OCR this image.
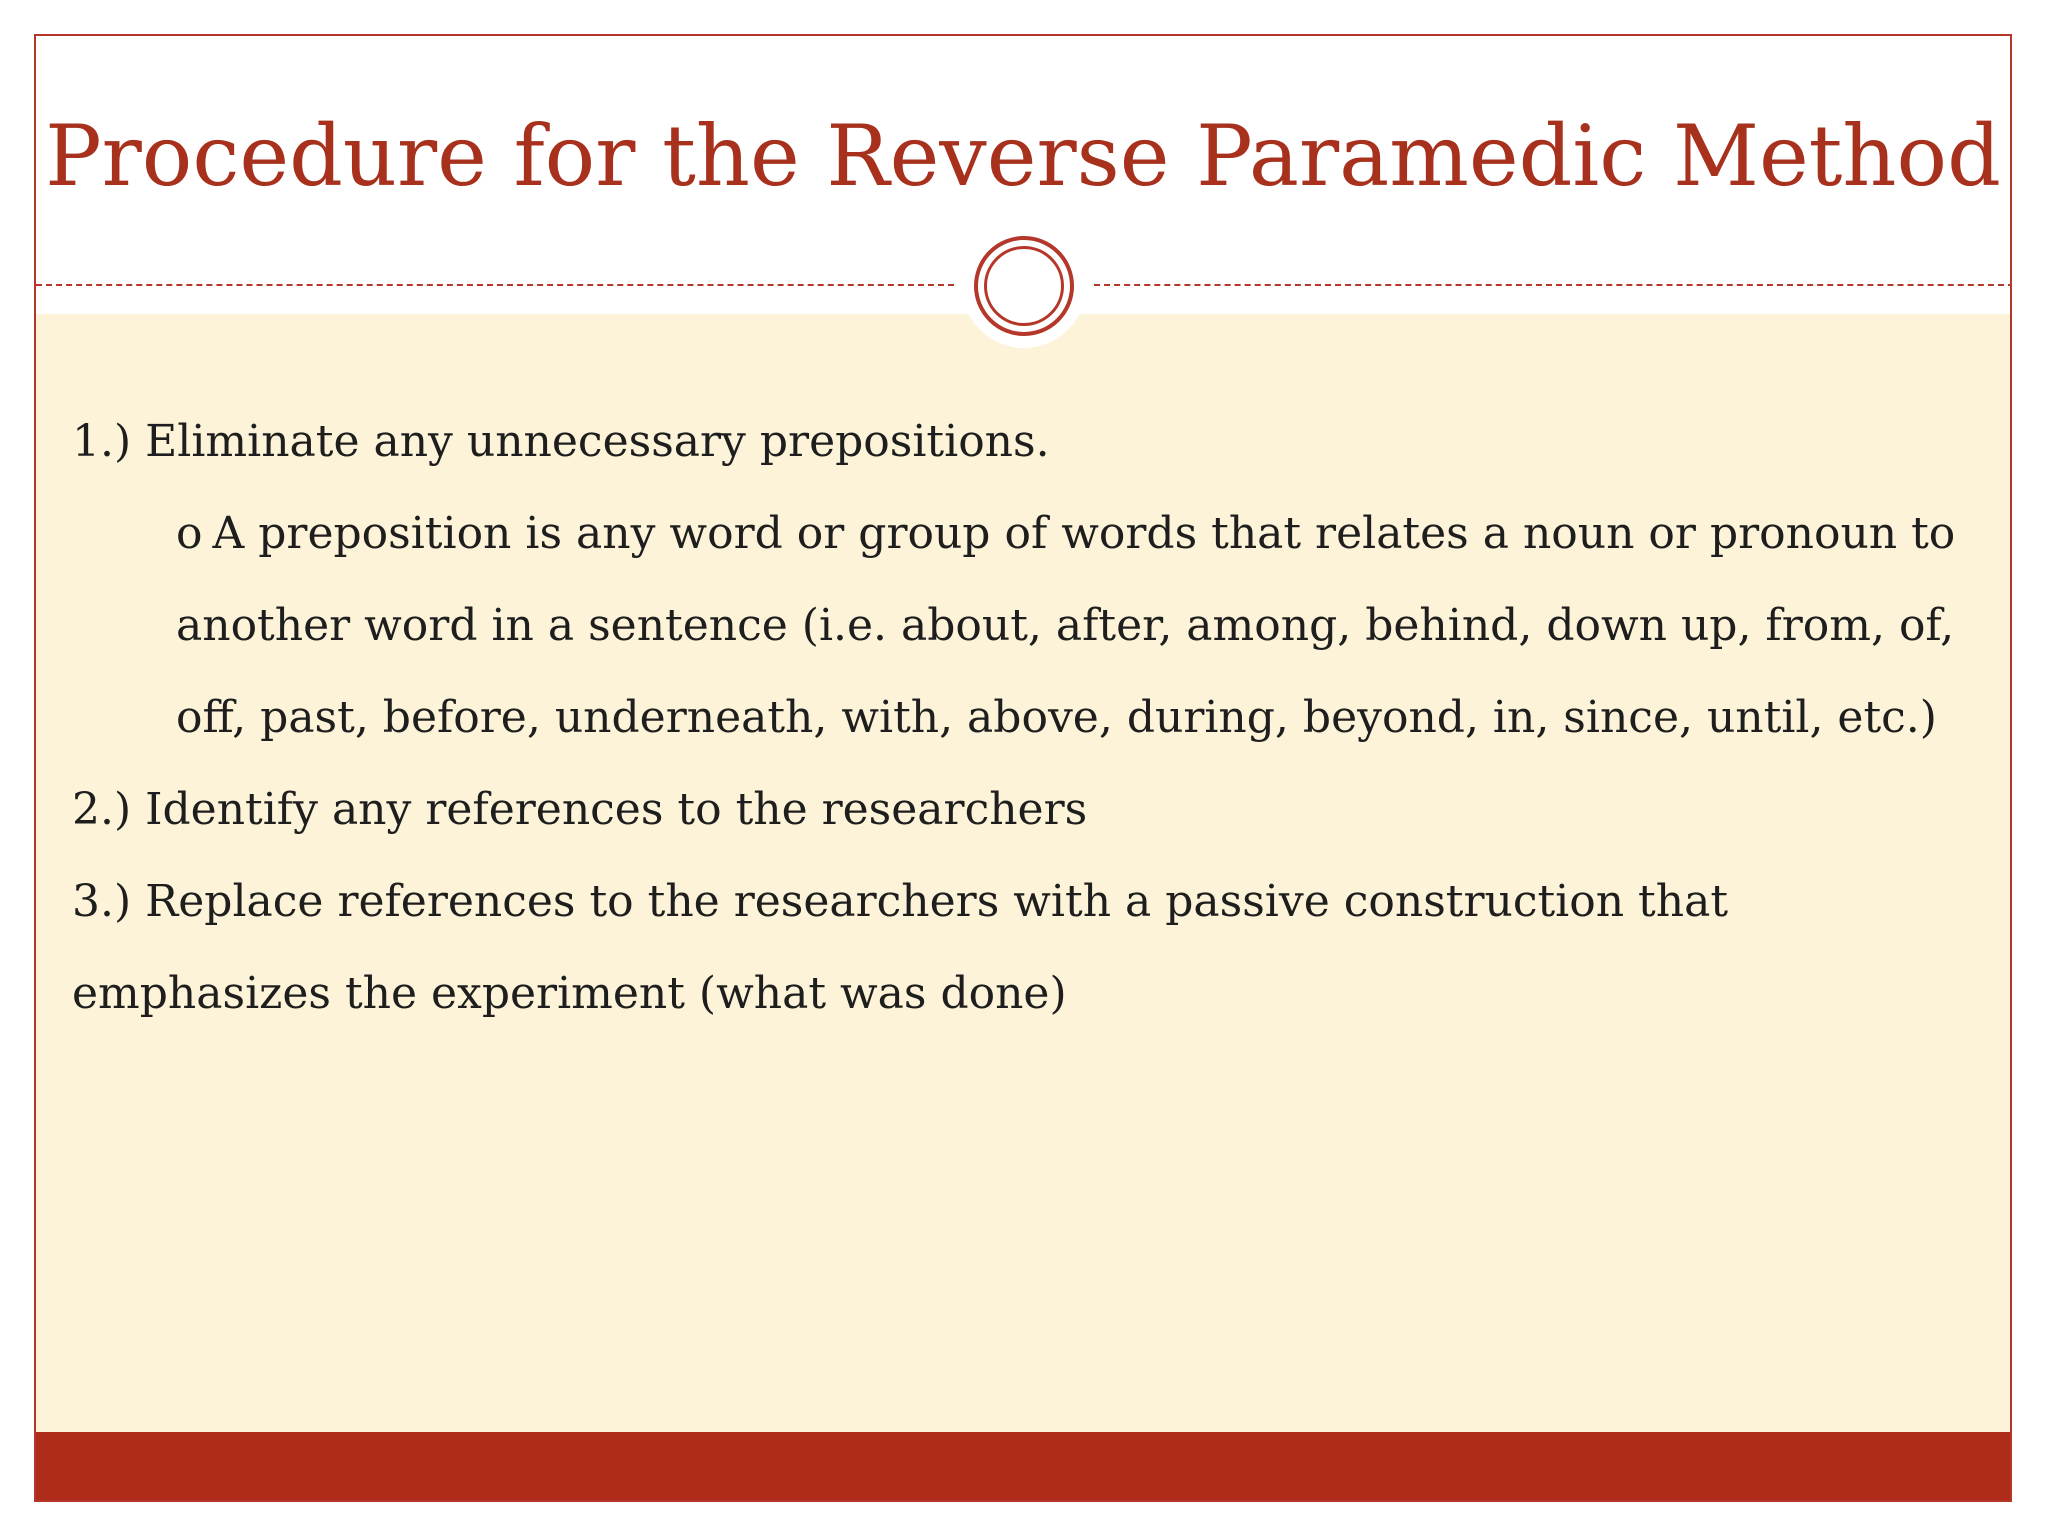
Procedure for the Reverse Paramedic Method
1.) Eliminate any unnecessary prepositions.
o A preposition is any word or group of words that relates a noun or pronoun to
another word in a sentence (i.e. about, after, among, behind, down up, from, of,
off, past, before, underneath, with, above, during, beyond, in, since, until, etc.)
2.) Identify any references to the researchers
3.) Replace references to the researchers with a passive construction that
emphasizes the experiment (what was done)
